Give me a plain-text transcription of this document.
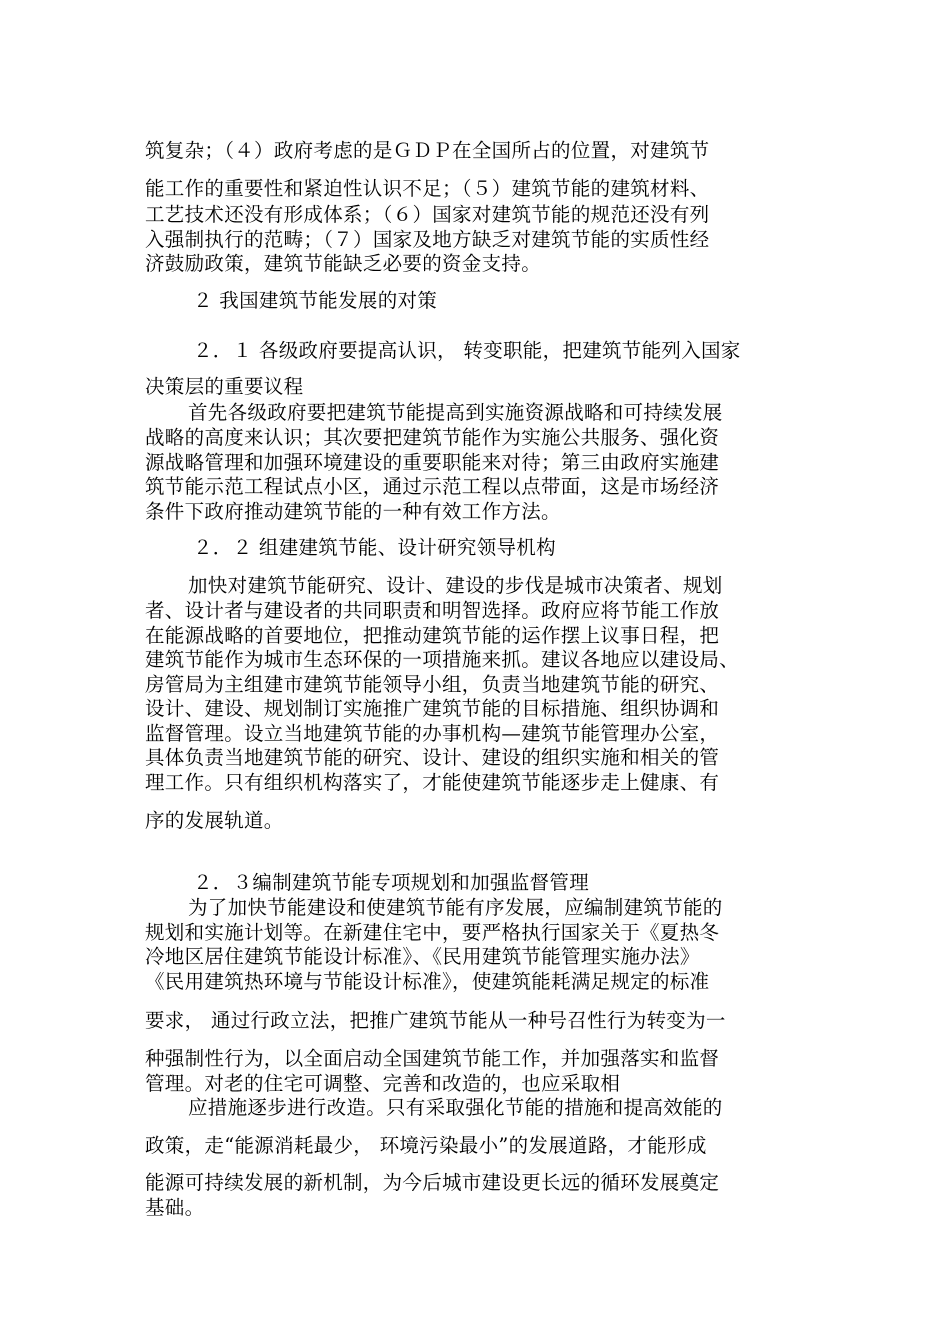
筑复杂；（４）政府考虑的是ＧＤＰ在全国所占的位置，对建筑节
能工作的重要性和紧迫性认识不足；（５）建筑节能的建筑材料、
工艺技术还没有形成体系；（６）国家对建筑节能的规范还没有列
入强制执行的范畴；（７）国家及地方缺乏对建筑节能的实质性经
济鼓励政策，建筑节能缺乏必要的资金支持。
２ 我国建筑节能发展的对策
２．１ 各级政府要提高认识， 转变职能，把建筑节能列入国家
决策层的重要议程
首先各级政府要把建筑节能提高到实施资源战略和可持续发展
战略的高度来认识；其次要把建筑节能作为实施公共服务、强化资
源战略管理和加强环境建设的重要职能来对待；第三由政府实施建
筑节能示范工程试点小区，通过示范工程以点带面，这是市场经济
条件下政府推动建筑节能的一种有效工作方法。
２．２ 组建建筑节能、设计研究领导机构
加快对建筑节能研究、设计、建设的步伐是城市决策者、规划
者、设计者与建设者的共同职责和明智选择。政府应将节能工作放
在能源战略的首要地位，把推动建筑节能的运作摆上议事日程，把
建筑节能作为城市生态环保的一项措施来抓。建议各地应以建设局、
房管局为主组建市建筑节能领导小组，负责当地建筑节能的研究、
设计、建设、规划制订实施推广建筑节能的目标措施、组织协调和
监督管理。设立当地建筑节能的办事机构—建筑节能管理办公室，
具体负责当地建筑节能的研究、设计、建设的组织实施和相关的管
理工作。只有组织机构落实了，才能使建筑节能逐步走上健康、有
序的发展轨道。
２．３编制建筑节能专项规划和加强监督管理
为了加快节能建设和使建筑节能有序发展，应编制建筑节能的
规划和实施计划等。在新建住宅中，要严格执行国家关于《夏热冬
冷地区居住建筑节能设计标准》、《民用建筑节能管理实施办法》
《民用建筑热环境与节能设计标准》，使建筑能耗满足规定的标准
要求， 通过行政立法，把推广建筑节能从一种号召性行为转变为一
种强制性行为，以全面启动全国建筑节能工作，并加强落实和监督
管理。对老的住宅可调整、完善和改造的，也应采取相
应措施逐步进行改造。只有采取强化节能的措施和提高效能的
政策，走“能源消耗最少， 环境污染最小”的发展道路，才能形成
能源可持续发展的新机制，为今后城市建设更长远的循环发展奠定
基础。
